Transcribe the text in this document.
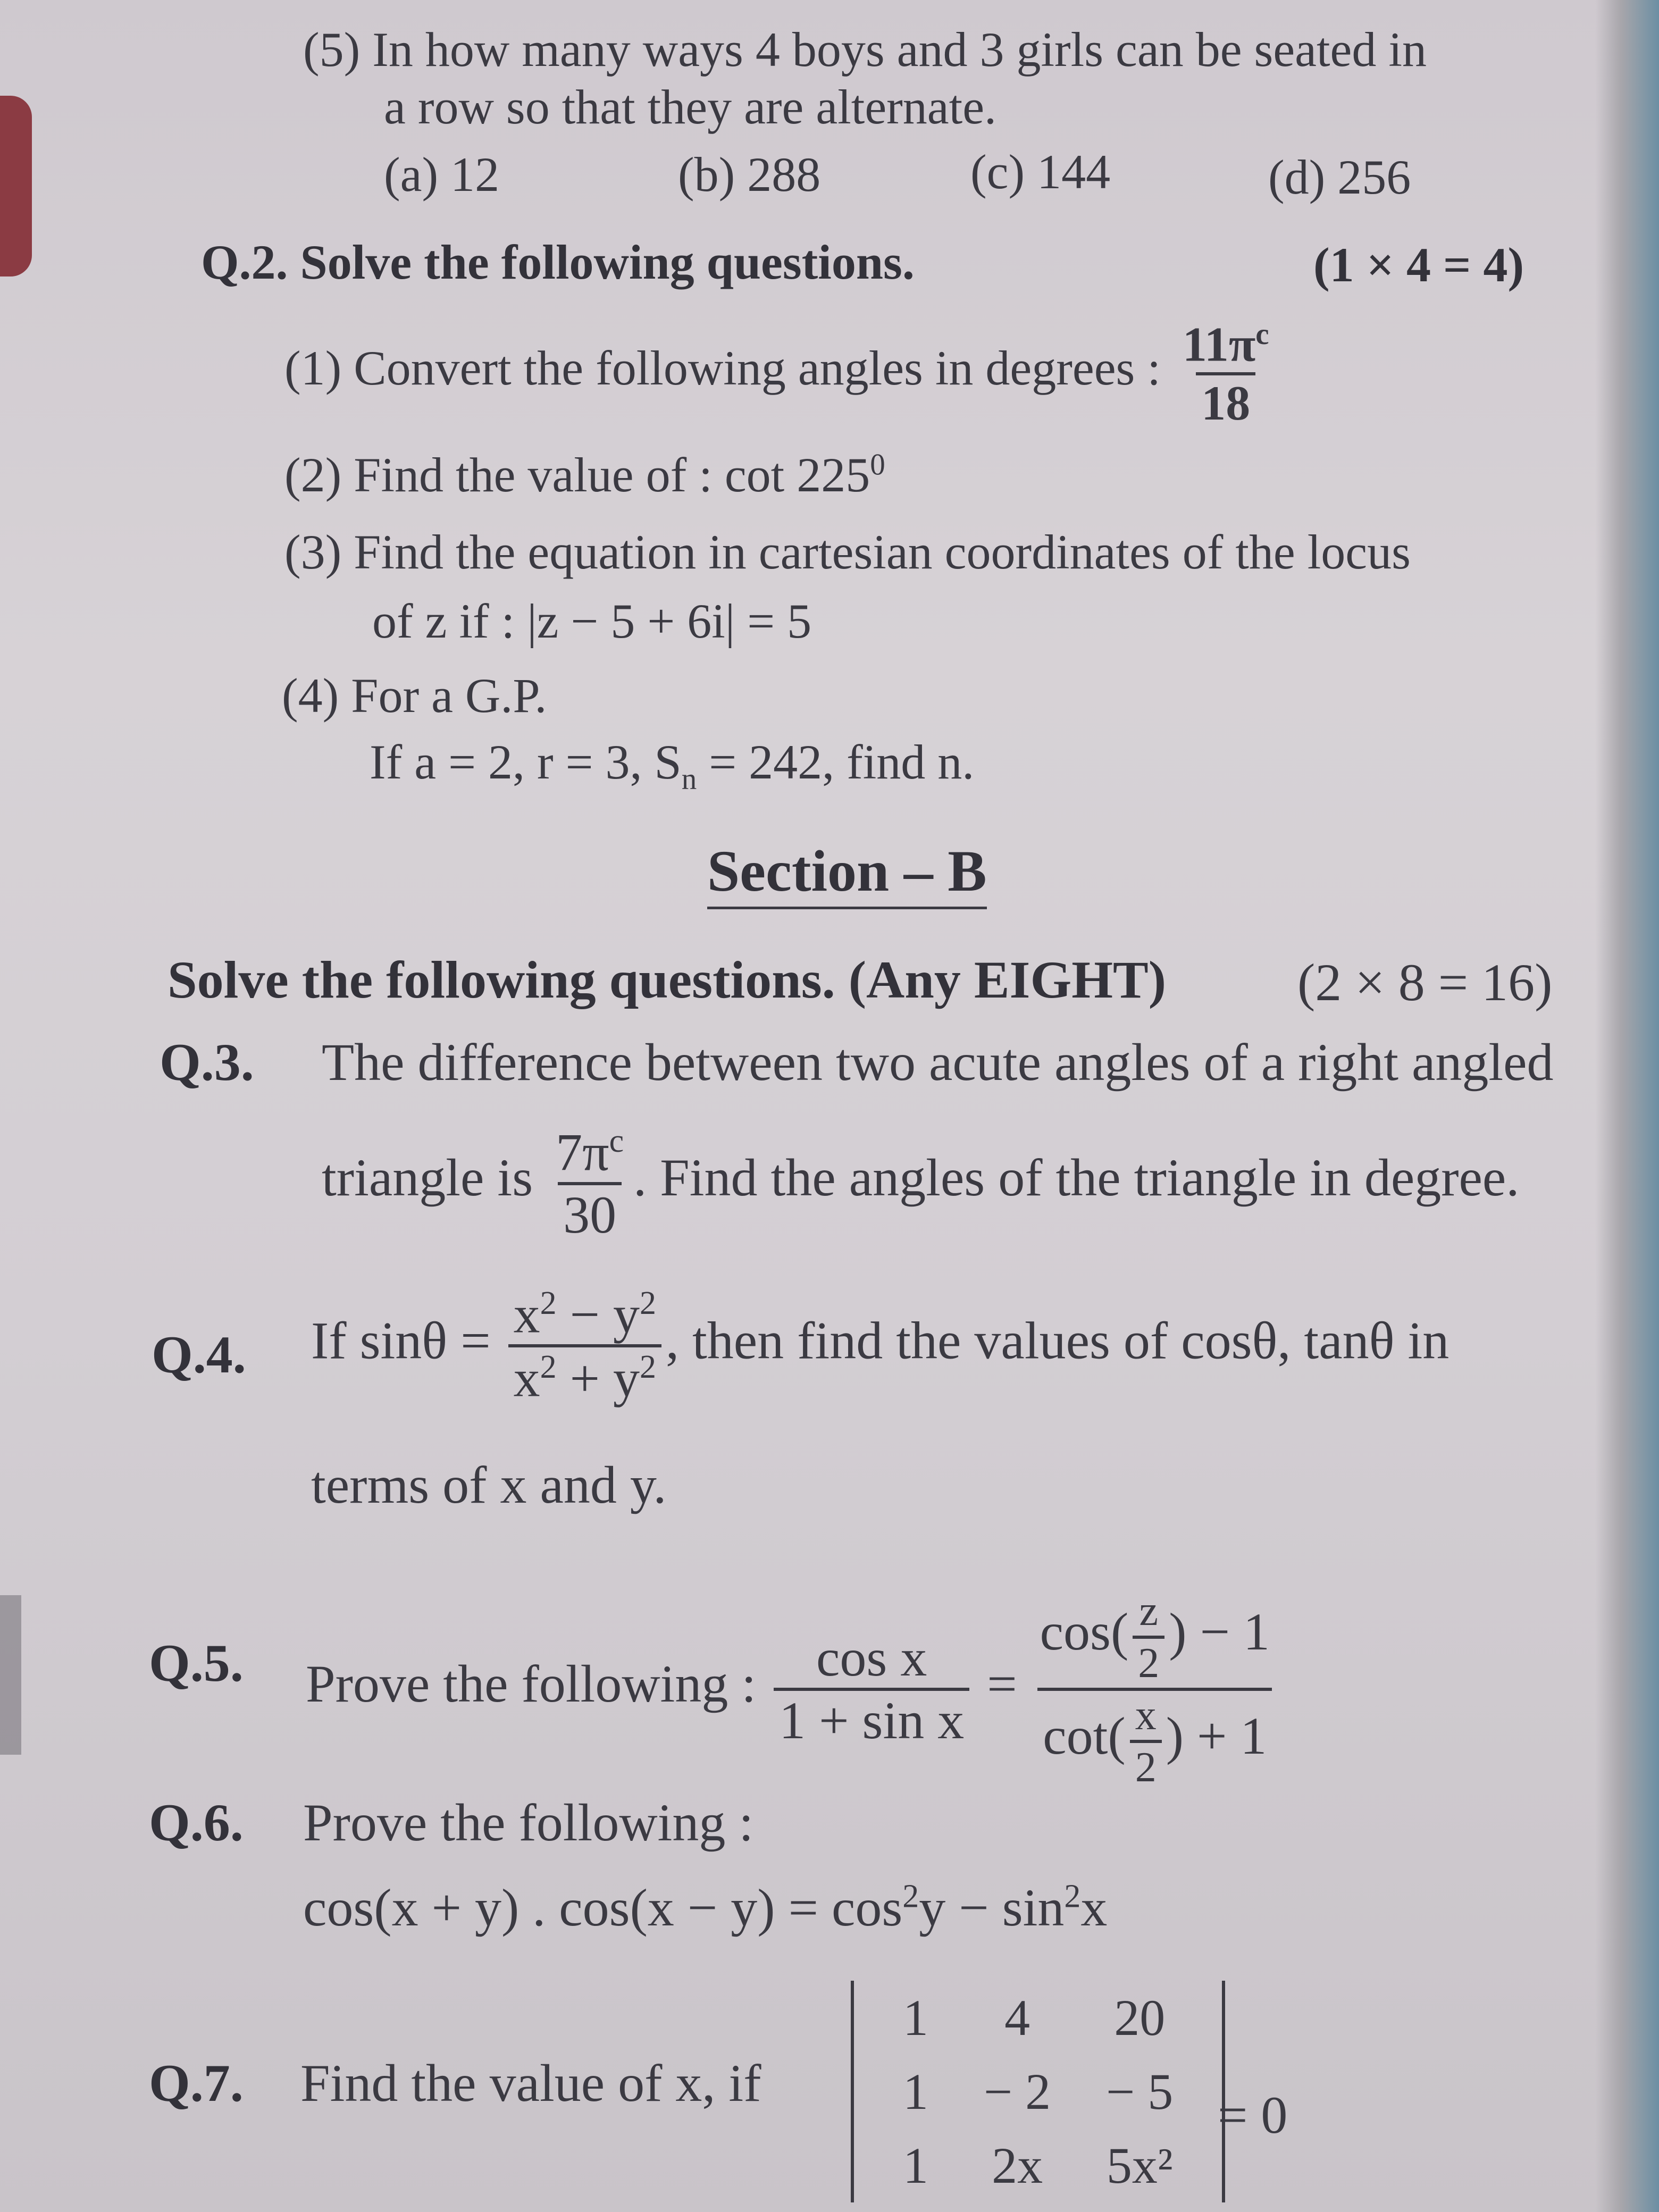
(5) In how many ways 4 boys and 3 girls can be seated in
a row so that they are alternate.
(a) 12	(b) 288	(c) 144	(d) 256
Q.2. Solve the following questions.	(1 × 4 = 4)
(1) Convert the following angles in degrees : $\frac{11\pi^c}{18}$
(2) Find the value of : $\cot 225^0$
(3) Find the equation in cartesian coordinates of the locus
of z if : |z − 5 + 6i| = 5
(4) For a G.P.
If a = 2, r = 3, $S_n = 242$, find n.
Section – B
Solve the following questions. (Any EIGHT) (2 × 8 = 16)
Q.3. The difference between two acute angles of a right angled
triangle is $\frac{7\pi^c}{30}$ . Find the angles of the triangle in degree.
Q.4. If $\sin\theta = \frac{x^2 - y^2}{x^2 + y^2}$ , then find the values of cosθ, tanθ in
terms of x and y.
Q.5. Prove the following : $\frac{\text{cos x}}{\text{1 + sin x}} = \frac{\cos( \frac{z}{2} ) - 1}{\cot( \frac{x}{2} ) + 1}$
Q.6. Prove the following :
cos(x + y) . $\cos(x - y) = \cos^2y - \sin^2x$
Q.7. Find the value of x, if
1	4	20
1	− 2	− 5
1	2x	5x²
= 0
